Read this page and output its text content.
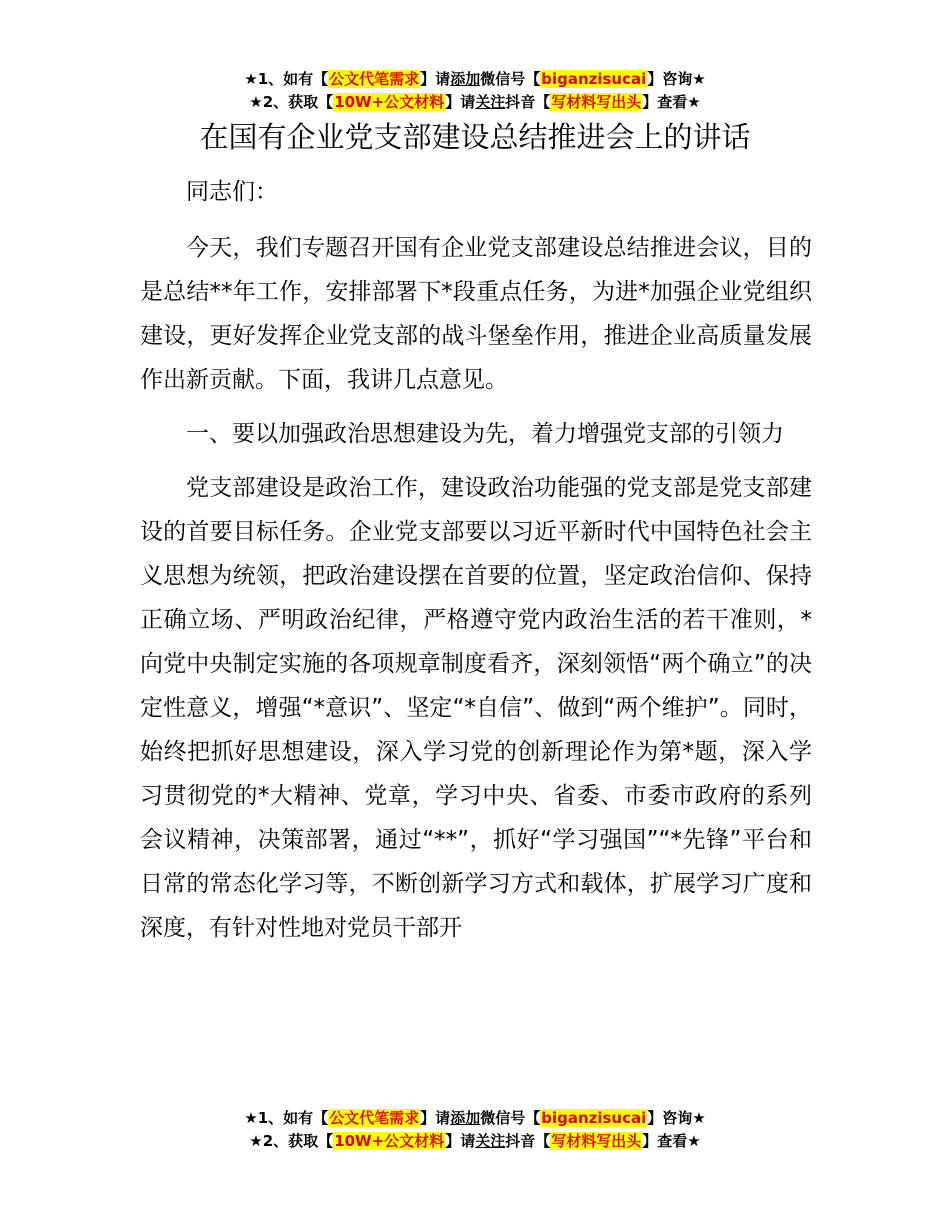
★1、如有【公文代笔需求】请添加微信号【biganzisucai】咨询★
★2、获取【10W+公文材料】请关注抖音【写材料写出头】查看★
在国有企业党支部建设总结推进会上的讲话

同志们：

今天，我们专题召开国有企业党支部建设总结推进会议，目的是总结**年工作，安排部署下*段重点任务，为进*加强企业党组织建设，更好发挥企业党支部的战斗堡垒作用，推进企业高质量发展作出新贡献。下面，我讲几点意见。

一、要以加强政治思想建设为先，着力增强党支部的引领力

党支部建设是政治工作，建设政治功能强的党支部是党支部建设的首要目标任务。企业党支部要以习近平新时代中国特色社会主义思想为统领，把政治建设摆在首要的位置，坚定政治信仰、保持正确立场、严明政治纪律，严格遵守党内政治生活的若干准则，*向党中央制定实施的各项规章制度看齐，深刻领悟“两个确立”的决定性意义，增强“*意识”、坚定“*自信”、做到“两个维护”。同时，始终把抓好思想建设，深入学习党的创新理论作为第*题，深入学习贯彻党的*大精神、党章，学习中央、省委、市委市政府的系列会议精神，决策部署，通过“**”，抓好“学习强国”“*先锋”平台和日常的常态化学习等，不断创新学习方式和载体，扩展学习广度和深度，有针对性地对党员干部开

★1、如有【公文代笔需求】请添加微信号【biganzisucai】咨询★
★2、获取【10W+公文材料】请关注抖音【写材料写出头】查看★
